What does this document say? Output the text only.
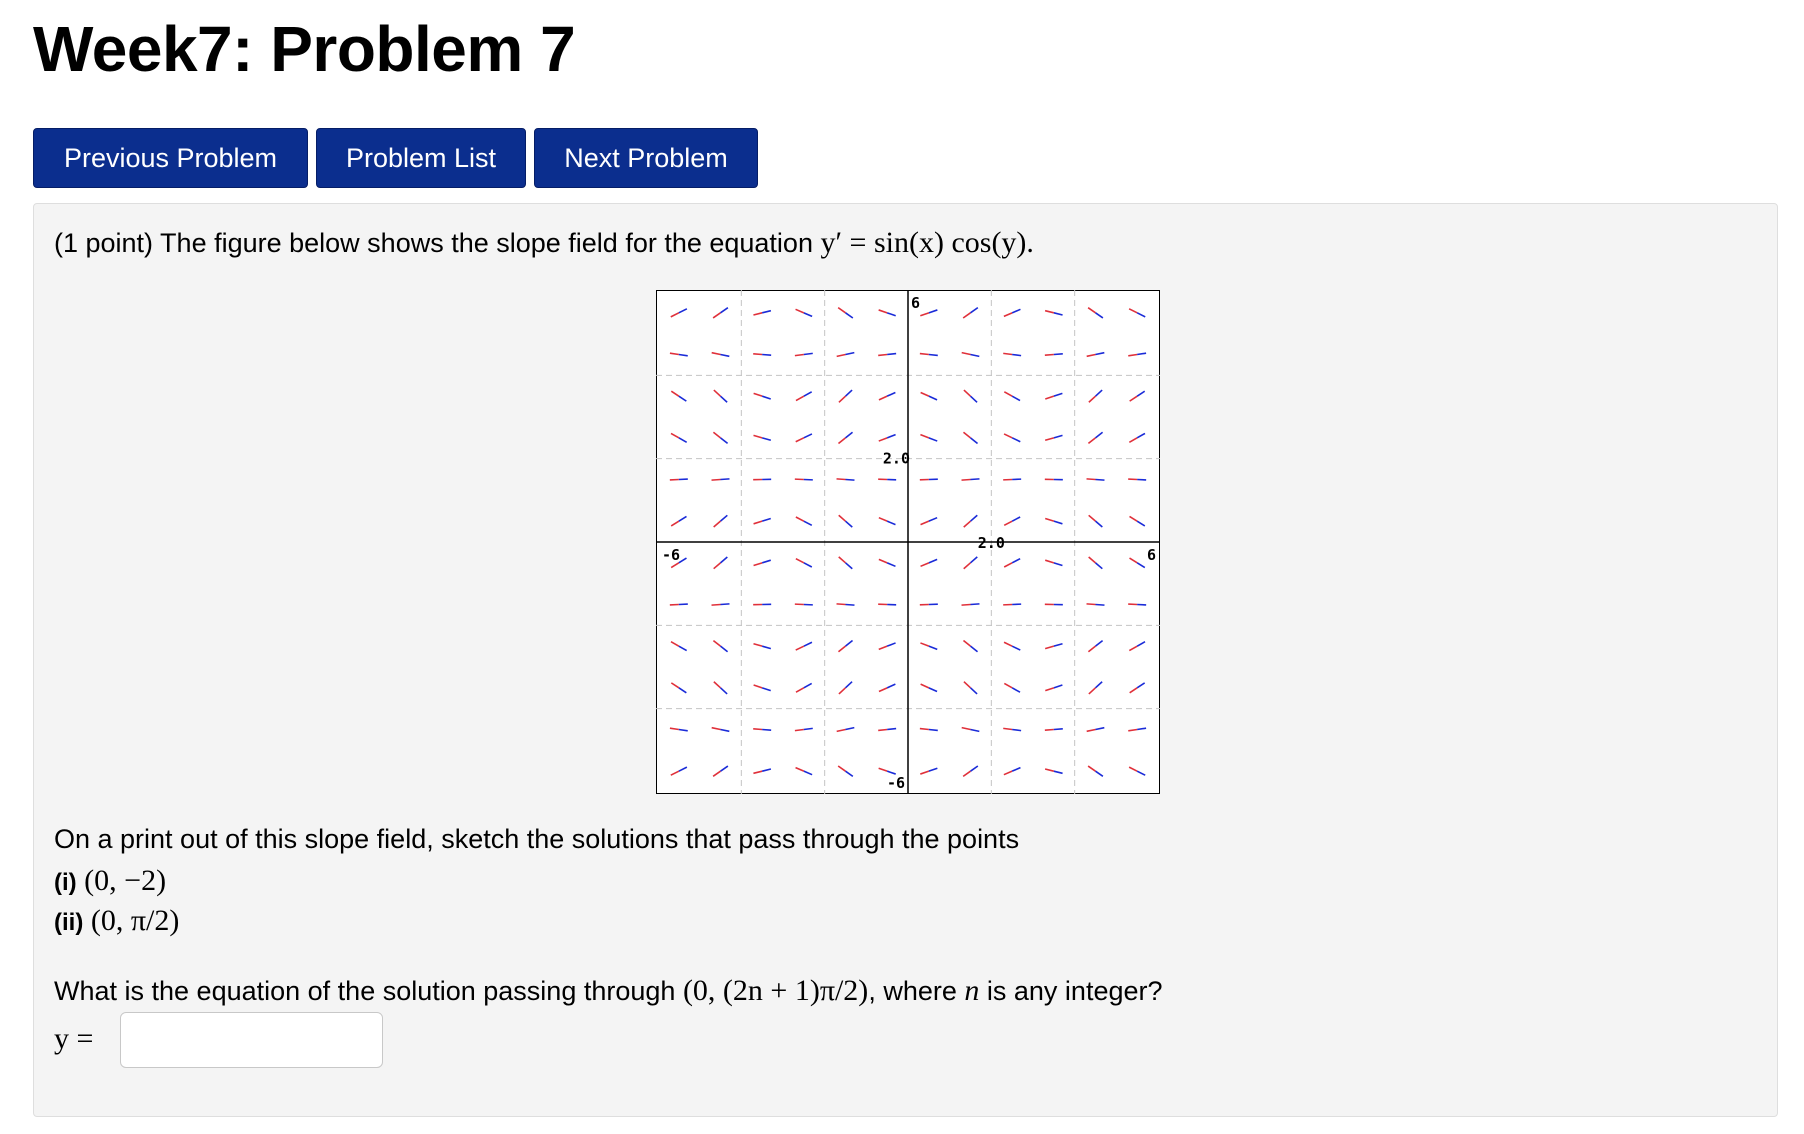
Week7: Problem 7
Previous Problem	Problem List	Next Problem
(1 point) The figure below shows the slope field for the equation y′ = sin(x) cos(y).
-6	6
6
-6
2.0
2.0
On a print out of this slope field, sketch the solutions that pass through the points
(i) (0, −2)
(ii) (0, π/2)
What is the equation of the solution passing through (0, (2n + 1)π/2), where n is any integer?
y =
